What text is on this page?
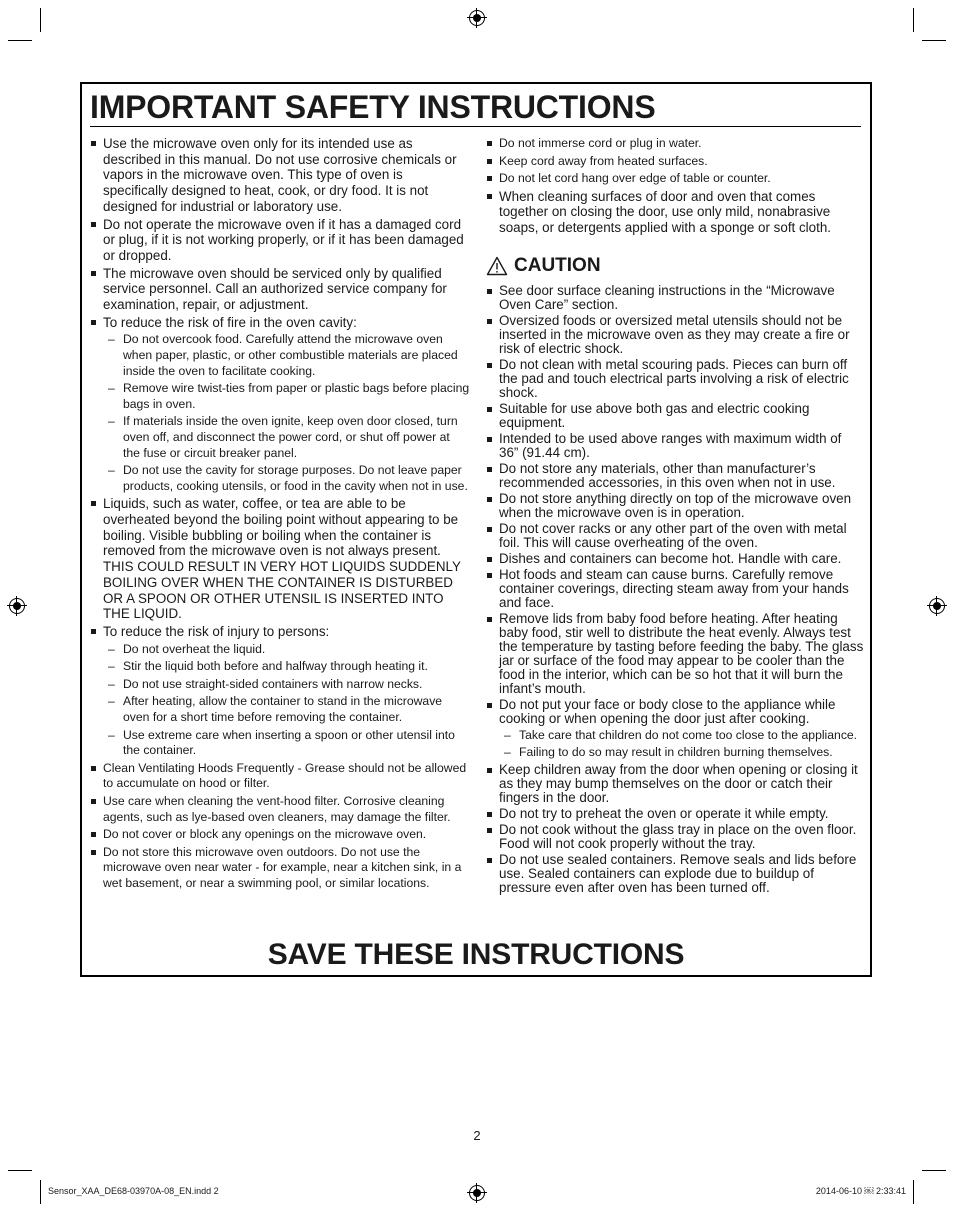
IMPORTANT SAFETY INSTRUCTIONS
Use the microwave oven only for its intended use as described in this manual. Do not use corrosive chemicals or vapors in the microwave oven. This type of oven is specifically designed to heat, cook, or dry food. It is not designed for industrial or laboratory use.
Do not operate the microwave oven if it has a damaged cord or plug, if it is not working properly, or if it has been damaged or dropped.
The microwave oven should be serviced only by qualified service personnel. Call an authorized service company for examination, repair, or adjustment.
To reduce the risk of fire in the oven cavity:
– Do not overcook food. Carefully attend the microwave oven when paper, plastic, or other combustible materials are placed inside the oven to facilitate cooking.
– Remove wire twist-ties from paper or plastic bags before placing bags in oven.
– If materials inside the oven ignite, keep oven door closed, turn oven off, and disconnect the power cord, or shut off power at the fuse or circuit breaker panel.
– Do not use the cavity for storage purposes. Do not leave paper products, cooking utensils, or food in the cavity when not in use.
Liquids, such as water, coffee, or tea are able to be overheated beyond the boiling point without appearing to be boiling. Visible bubbling or boiling when the container is removed from the microwave oven is not always present. THIS COULD RESULT IN VERY HOT LIQUIDS SUDDENLY BOILING OVER WHEN THE CONTAINER IS DISTURBED OR A SPOON OR OTHER UTENSIL IS INSERTED INTO THE LIQUID.
To reduce the risk of injury to persons:
– Do not overheat the liquid.
– Stir the liquid both before and halfway through heating it.
– Do not use straight-sided containers with narrow necks.
– After heating, allow the container to stand in the microwave oven for a short time before removing the container.
– Use extreme care when inserting a spoon or other utensil into the container.
Clean Ventilating Hoods Frequently - Grease should not be allowed to accumulate on hood or filter.
Use care when cleaning the vent-hood filter. Corrosive cleaning agents, such as lye-based oven cleaners, may damage the filter.
Do not cover or block any openings on the microwave oven.
Do not store this microwave oven outdoors. Do not use the microwave oven near water - for example, near a kitchen sink, in a wet basement, or near a swimming pool, or similar locations.
Do not immerse cord or plug in water.
Keep cord away from heated surfaces.
Do not let cord hang over edge of table or counter.
When cleaning surfaces of door and oven that comes together on closing the door, use only mild, nonabrasive soaps, or detergents applied with a sponge or soft cloth.
CAUTION
See door surface cleaning instructions in the “Microwave Oven Care” section.
Oversized foods or oversized metal utensils should not be inserted in the microwave oven as they may create a fire or risk of electric shock.
Do not clean with metal scouring pads. Pieces can burn off the pad and touch electrical parts involving a risk of electric shock.
Suitable for use above both gas and electric cooking equipment.
Intended to be used above ranges with maximum width of 36” (91.44 cm).
Do not store any materials, other than manufacturer’s recommended accessories, in this oven when not in use.
Do not store anything directly on top of the microwave oven when the microwave oven is in operation.
Do not cover racks or any other part of the oven with metal foil. This will cause overheating of the oven.
Dishes and containers can become hot. Handle with care.
Hot foods and steam can cause burns. Carefully remove container coverings, directing steam away from your hands and face.
Remove lids from baby food before heating. After heating baby food, stir well to distribute the heat evenly. Always test the temperature by tasting before feeding the baby. The glass jar or surface of the food may appear to be cooler than the food in the interior, which can be so hot that it will burn the infant’s mouth.
Do not put your face or body close to the appliance while cooking or when opening the door just after cooking.
– Take care that children do not come too close to the appliance.
– Failing to do so may result in children burning themselves.
Keep children away from the door when opening or closing it as they may bump themselves on the door or catch their fingers in the door.
Do not try to preheat the oven or operate it while empty.
Do not cook without the glass tray in place on the oven floor. Food will not cook properly without the tray.
Do not use sealed containers. Remove seals and lids before use. Sealed containers can explode due to buildup of pressure even after oven has been turned off.
SAVE THESE INSTRUCTIONS
2
Sensor_XAA_DE68-03970A-08_EN.indd 2	2014-06-10 ￼ 2:33:41
